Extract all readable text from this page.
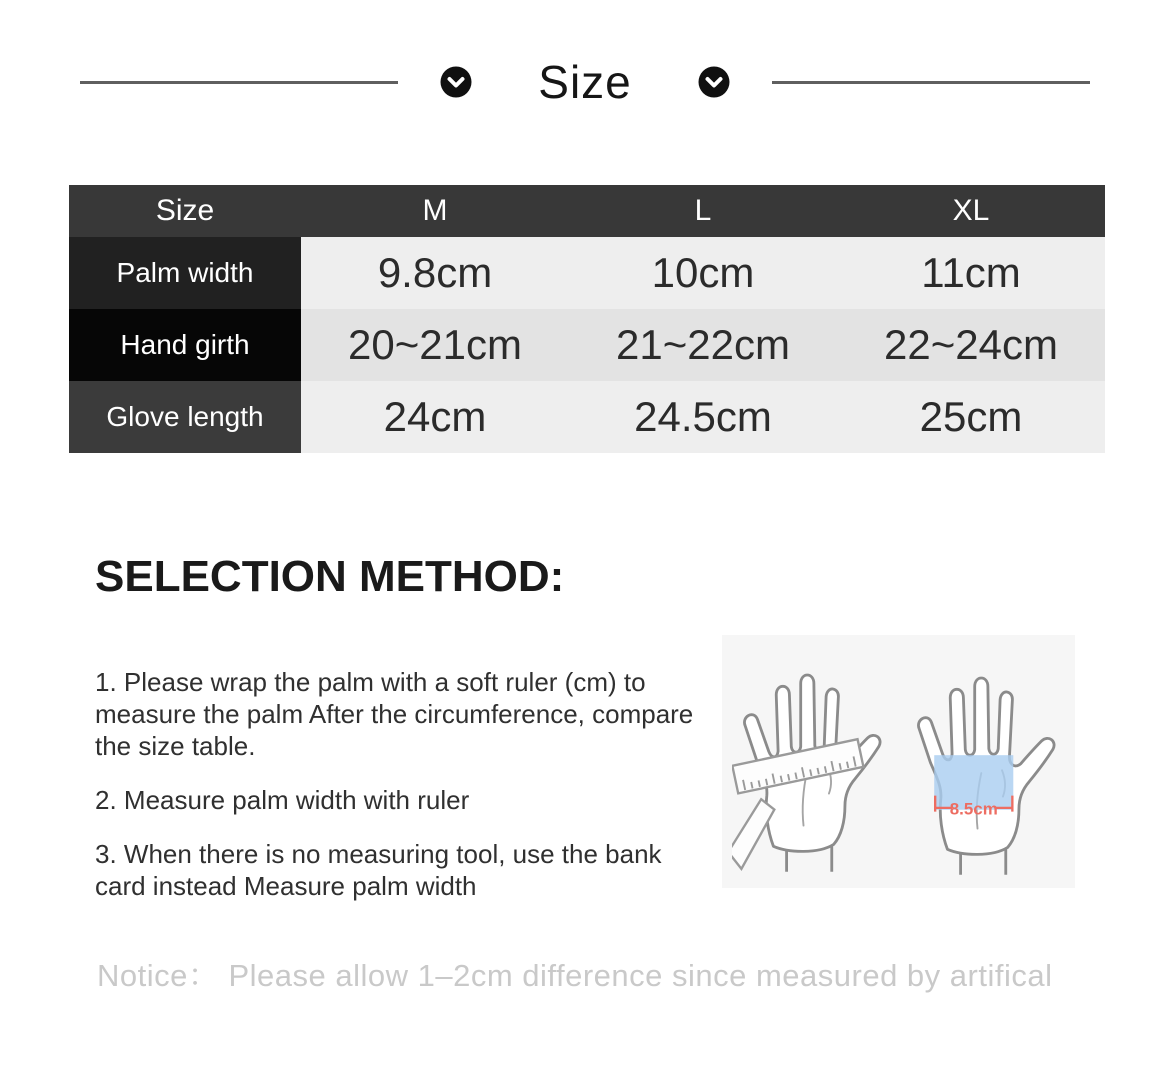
Size
Size	M	L	XL
Palm width	9.8cm	10cm	11cm
Hand girth	20~21cm	21~22cm	22~24cm
Glove length	24cm	24.5cm	25cm
SELECTION METHOD:

1. Please wrap the palm with a soft ruler (cm) to measure the palm After the circumference, compare the size table.

2. Measure palm width with ruler

3. When there is no measuring tool, use the bank card instead Measure palm width

8.5cm

Notice： Please allow 1–2cm difference since measured by artifical
